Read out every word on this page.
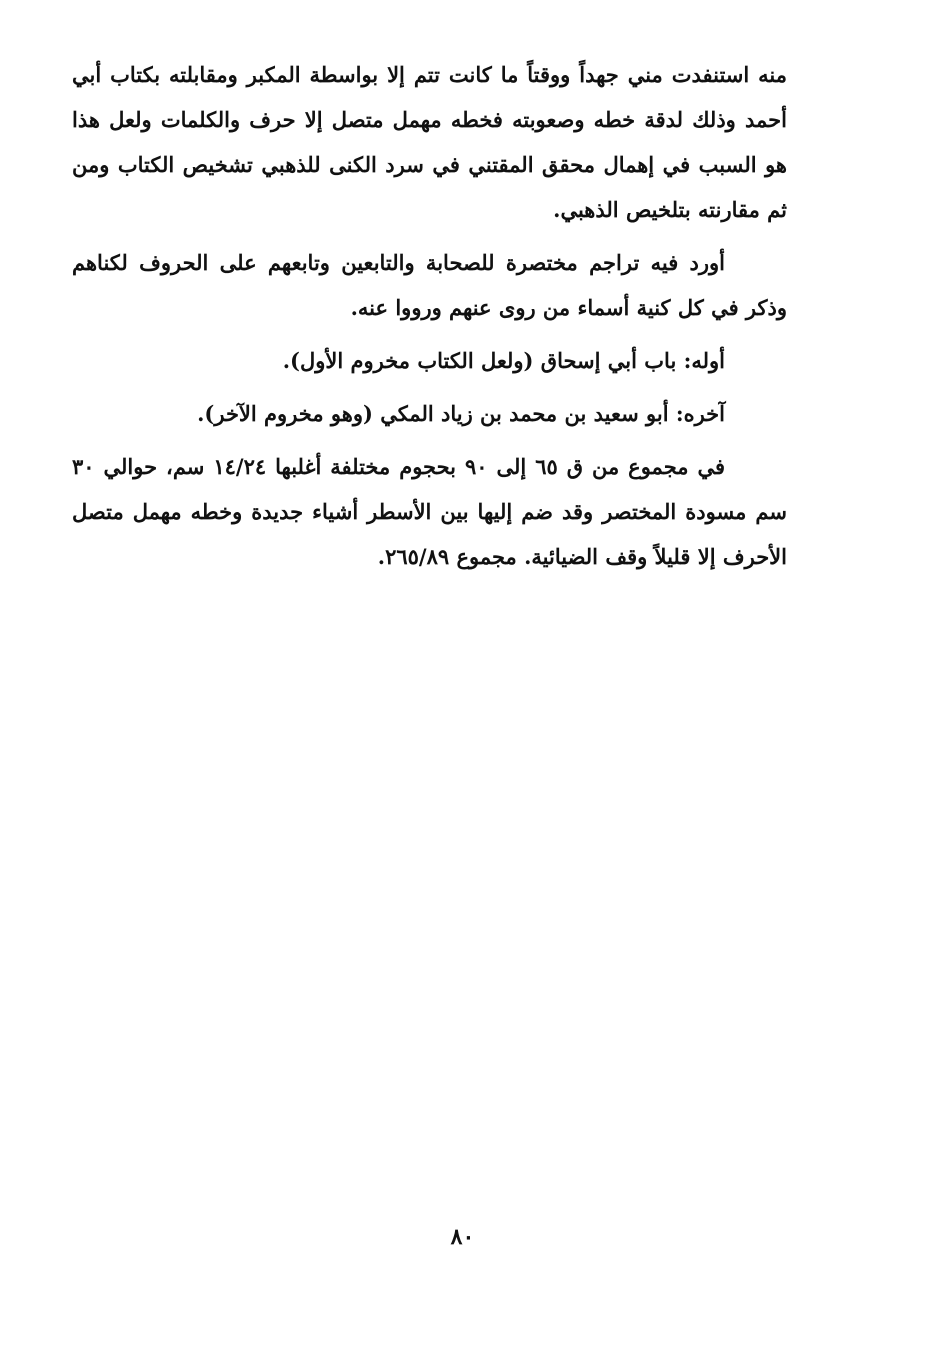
منه استنفدت مني جهداً ووقتاً ما كانت تتم إلا بواسطة المكبر ومقابلته بكتاب أبي أحمد وذلك لدقة خطه وصعوبته فخطه مهمل متصل إلا حرف والكلمات ولعل هذا هو السبب في إهمال محقق المقتني في سرد الكنى للذهبي تشخيص الكتاب ومن ثم مقارنته بتلخيص الذهبي.

أورد فيه تراجم مختصرة للصحابة والتابعين وتابعهم على الحروف لكناهم وذكر في كل كنية أسماء من روى عنهم ورووا عنه.

أوله: باب أبي إسحاق (ولعل الكتاب مخروم الأول).

آخره: أبو سعيد بن محمد بن زياد المكي (وهو مخروم الآخر).

في مجموع من ق ٦٥ إلى ٩٠ بحجوم مختلفة أغلبها ١٤/٢٤ سم، حوالي ٣٠ سم مسودة المختصر وقد ضم إليها بين الأسطر أشياء جديدة وخطه مهمل متصل الأحرف إلا قليلاً وقف الضيائية. مجموع ٢٦٥/٨٩.

٨٠
